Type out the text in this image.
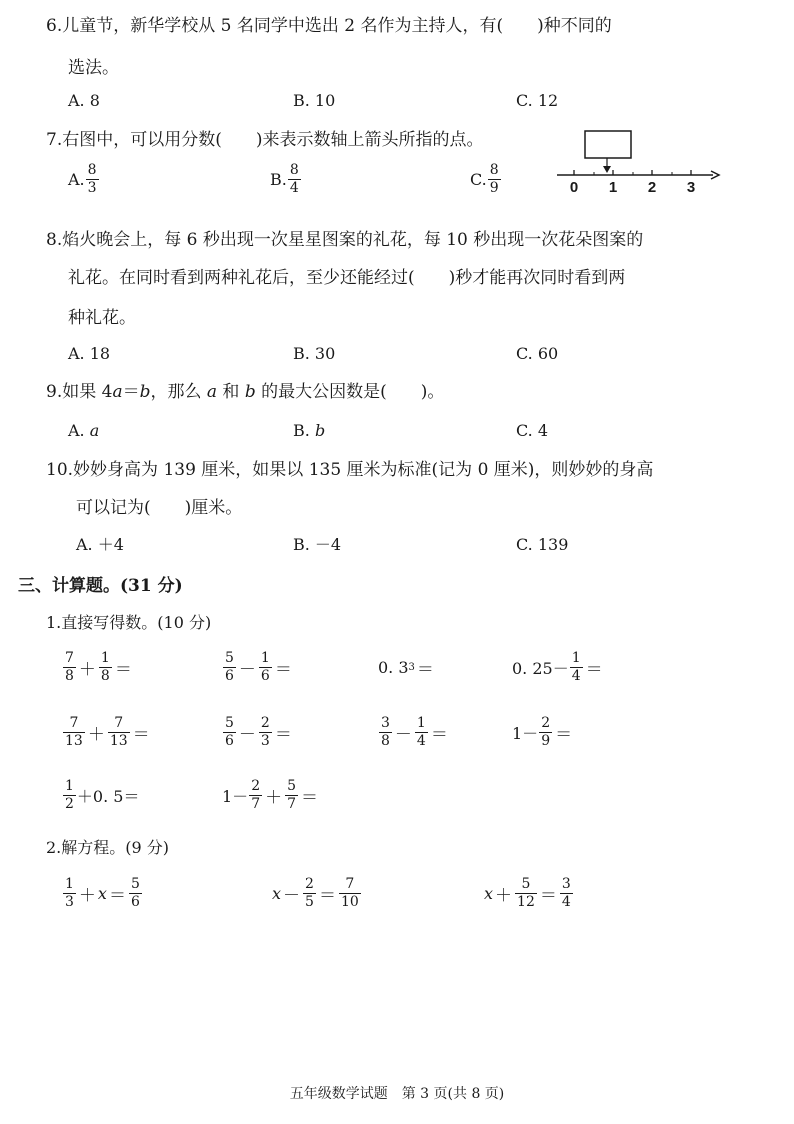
6.儿童节，新华学校从 5 名同学中选出 2 名作为主持人，有(　　)种不同的
选法。
A. 8	B. 10	C. 12
7.右图中，可以用分数(　　)来表示数轴上箭头所指的点。
A. $\frac{8}{3}$	B. $\frac{8}{4}$	C. $\frac{8}{9}$	0 1 2 3
8.焰火晚会上，每 6 秒出现一次星星图案的礼花，每 10 秒出现一次花朵图案的
礼花。在同时看到两种礼花后，至少还能经过(　　)秒才能再次同时看到两
种礼花。
A. 18	B. 30	C. 60
9.如果 4a＝b，那么 a 和 b 的最大公因数是(　　)。
A. a	B. b	C. 4
10.妙妙身高为 139 厘米，如果以 135 厘米为标准(记为 0 厘米)，则妙妙的身高
可以记为(　　)厘米。
A. ＋4	B. －4	C. 139
三、计算题。(31 分)
1.直接写得数。(10 分)
$\frac{7}{8} + \frac{1}{8}$ ＝	$\frac{5}{6} - \frac{1}{6}$ ＝	0. 3 3 ＝	0. $25- \frac{1}{4}$ ＝
$\frac{7}{13} + \frac{7}{13}$ ＝	$\frac{5}{6} - \frac{2}{3}$ ＝	$\frac{3}{8} - \frac{1}{4}$ ＝	$1- \frac{2}{9}$ ＝
$\frac{1}{2} +0$. 5＝	$1- \frac{2}{7} + \frac{5}{7}$ ＝
2.解方程。(9 分)
$\frac{1}{3} + x = \frac{5}{6}$	$x - \frac{2}{5} = \frac{7}{10}$	$x + \frac{5}{12} = \frac{3}{4}$
五年级数学试题　第 3 页(共 8 页)
